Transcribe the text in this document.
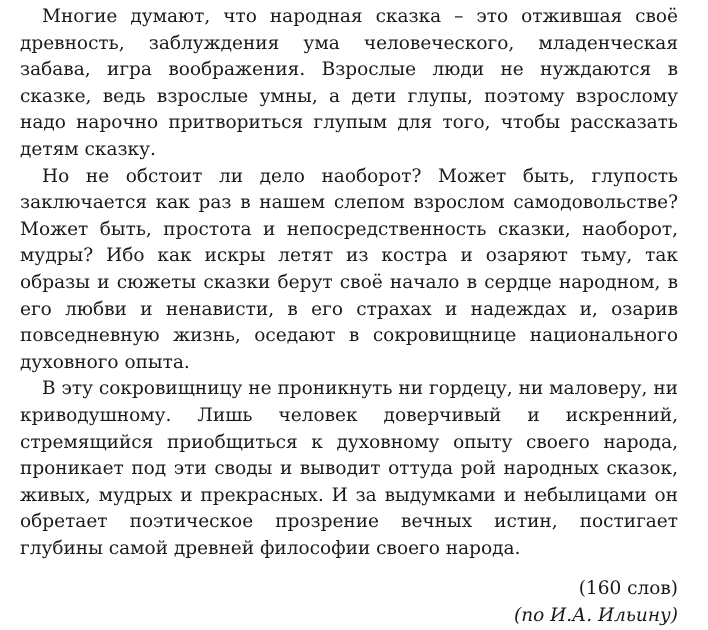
Многие думают, что народная сказка – это отжившая своё древность, заблуждения ума человеческого, младенческая забава, игра воображения. Взрослые люди не нуждаются в сказке, ведь взрослые умны, а дети глупы, поэтому взрослому надо нарочно притвориться глупым для того, чтобы рассказать детям сказку.

Но не обстоит ли дело наоборот? Может быть, глупость заключается как раз в нашем слепом взрослом самодовольстве? Может быть, простота и непосредственность сказки, наоборот, мудры? Ибо как искры летят из костра и озаряют тьму, так образы и сюжеты сказки берут своё начало в сердце народном, в его любви и ненависти, в его страхах и надеждах и, озарив повседневную жизнь, оседают в сокровищнице национального духовного опыта.

В эту сокровищницу не проникнуть ни гордецу, ни маловеру, ни криводушному. Лишь человек доверчивый и искренний, стремящийся приобщиться к духовному опыту своего народа, проникает под эти своды и выводит оттуда рой народных сказок, живых, мудрых и прекрасных. И за выдумками и небылицами он обретает поэтическое прозрение вечных истин, постигает глубины самой древней философии своего народа.

(160 слов)

(по И.А. Ильину)
